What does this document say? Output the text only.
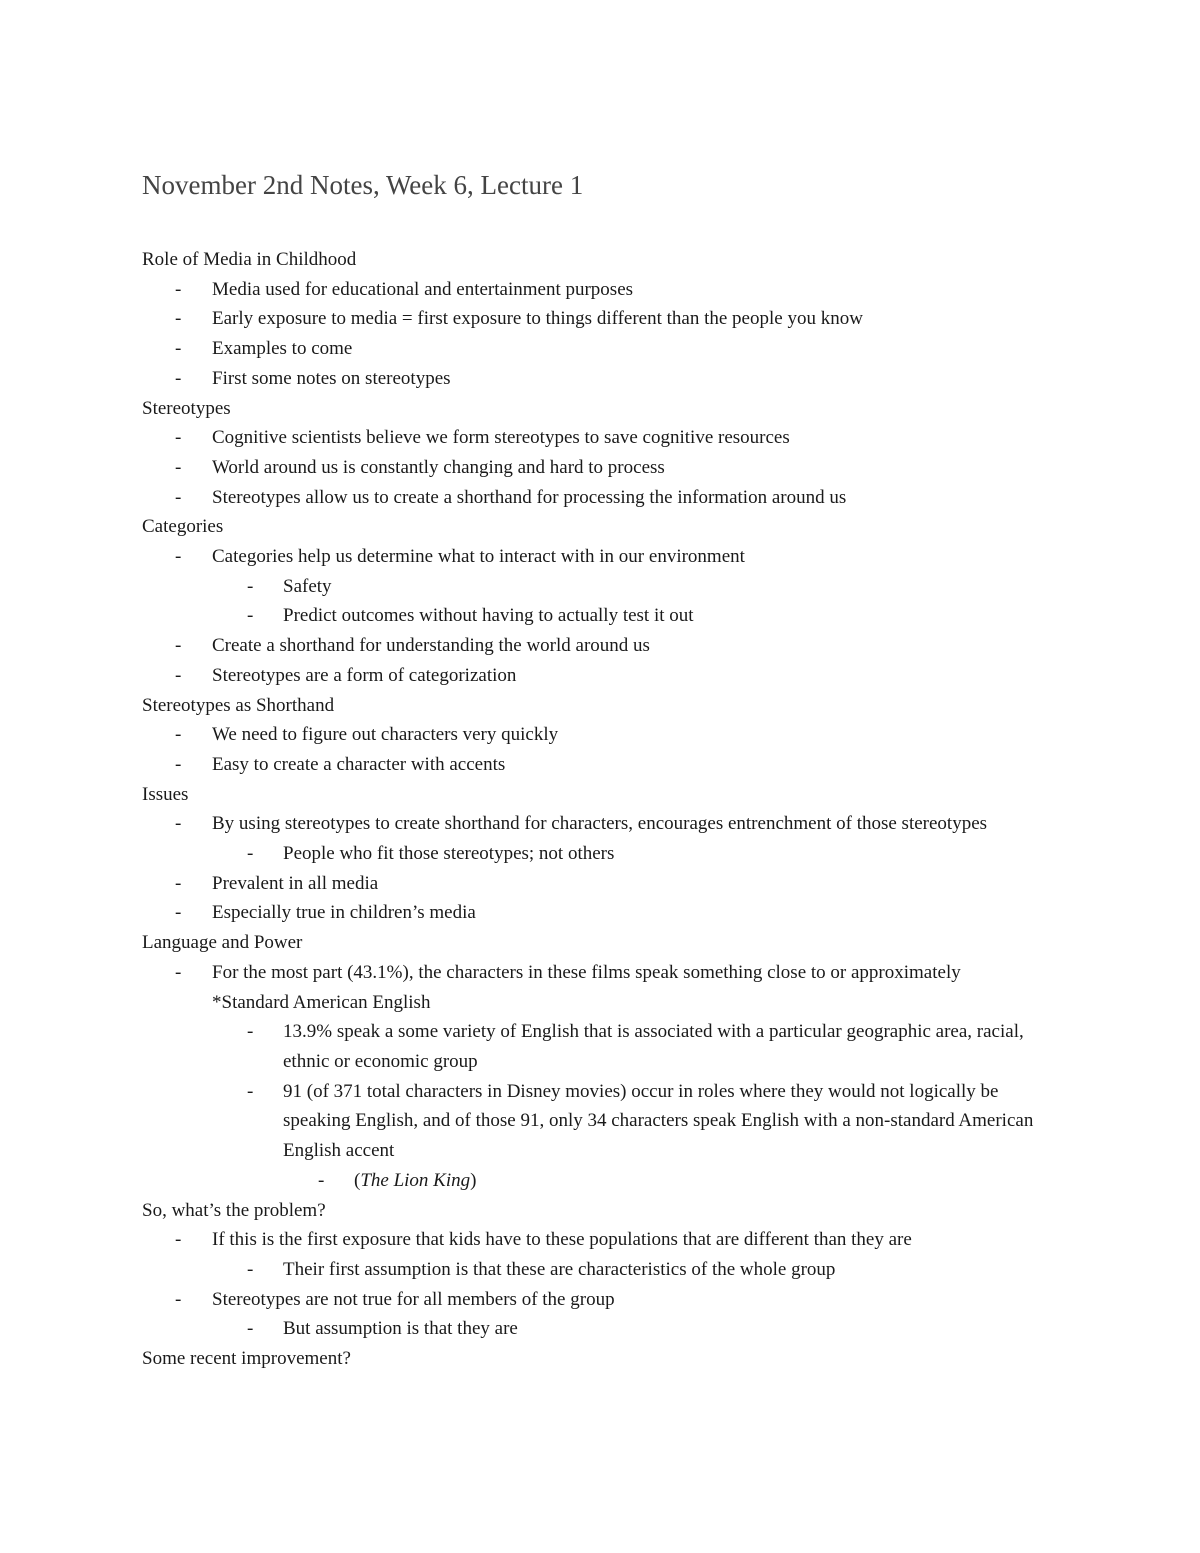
November 2nd Notes, Week 6, Lecture 1
Role of Media in Childhood
- Media used for educational and entertainment purposes
- Early exposure to media = first exposure to things different than the people you know
- Examples to come
- First some notes on stereotypes
Stereotypes
- Cognitive scientists believe we form stereotypes to save cognitive resources
- World around us is constantly changing and hard to process
- Stereotypes allow us to create a shorthand for processing the information around us
Categories
- Categories help us determine what to interact with in our environment
- Safety
- Predict outcomes without having to actually test it out
- Create a shorthand for understanding the world around us
- Stereotypes are a form of categorization
Stereotypes as Shorthand
- We need to figure out characters very quickly
- Easy to create a character with accents
Issues
- By using stereotypes to create shorthand for characters, encourages entrenchment of those stereotypes
- People who fit those stereotypes; not others
- Prevalent in all media
- Especially true in children’s media
Language and Power
- For the most part (43.1%), the characters in these films speak something close to or approximately *Standard American English
- 13.9% speak a some variety of English that is associated with a particular geographic area, racial, ethnic or economic group
- 91 (of 371 total characters in Disney movies) occur in roles where they would not logically be speaking English, and of those 91, only 34 characters speak English with a non-standard American English accent
- (The Lion King)
So, what’s the problem?
- If this is the first exposure that kids have to these populations that are different than they are
- Their first assumption is that these are characteristics of the whole group
- Stereotypes are not true for all members of the group
- But assumption is that they are
Some recent improvement?
